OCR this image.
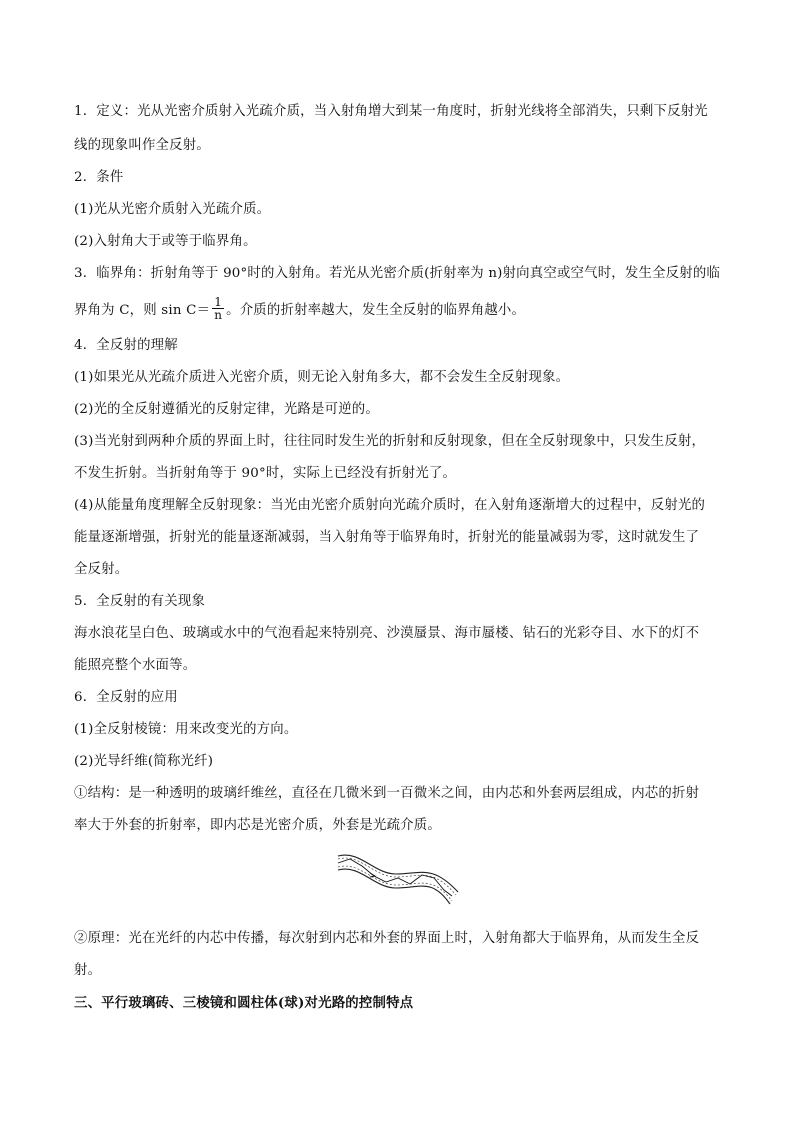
1．定义：光从光密介质射入光疏介质，当入射角增大到某一角度时，折射光线将全部消失，只剩下反射光
线的现象叫作全反射。
2．条件
(1)光从光密介质射入光疏介质。
(2)入射角大于或等于临界角。
3．临界角：折射角等于 90°时的入射角。若光从光密介质(折射率为 n)射向真空或空气时，发生全反射的临
界角为 C，则 $\sin C= \frac{1}{n}$ 。介质的折射率越大，发生全反射的临界角越小。
4．全反射的理解
(1)如果光从光疏介质进入光密介质，则无论入射角多大，都不会发生全反射现象。
(2)光的全反射遵循光的反射定律，光路是可逆的。
(3)当光射到两种介质的界面上时，往往同时发生光的折射和反射现象，但在全反射现象中，只发生反射，
不发生折射。当折射角等于 90°时，实际上已经没有折射光了。
(4)从能量角度理解全反射现象：当光由光密介质射向光疏介质时，在入射角逐渐增大的过程中，反射光的
能量逐渐增强，折射光的能量逐渐减弱，当入射角等于临界角时，折射光的能量减弱为零，这时就发生了
全反射。
5．全反射的有关现象
海水浪花呈白色、玻璃或水中的气泡看起来特别亮、沙漠蜃景、海市蜃楼、钻石的光彩夺目、水下的灯不
能照亮整个水面等。
6．全反射的应用
(1)全反射棱镜：用来改变光的方向。
(2)光导纤维(简称光纤)
①结构：是一种透明的玻璃纤维丝，直径在几微米到一百微米之间，由内芯和外套两层组成，内芯的折射
率大于外套的折射率，即内芯是光密介质，外套是光疏介质。
②原理：光在光纤的内芯中传播，每次射到内芯和外套的界面上时，入射角都大于临界角，从而发生全反
射。
三、平行玻璃砖、三棱镜和圆柱体(球)对光路的控制特点
